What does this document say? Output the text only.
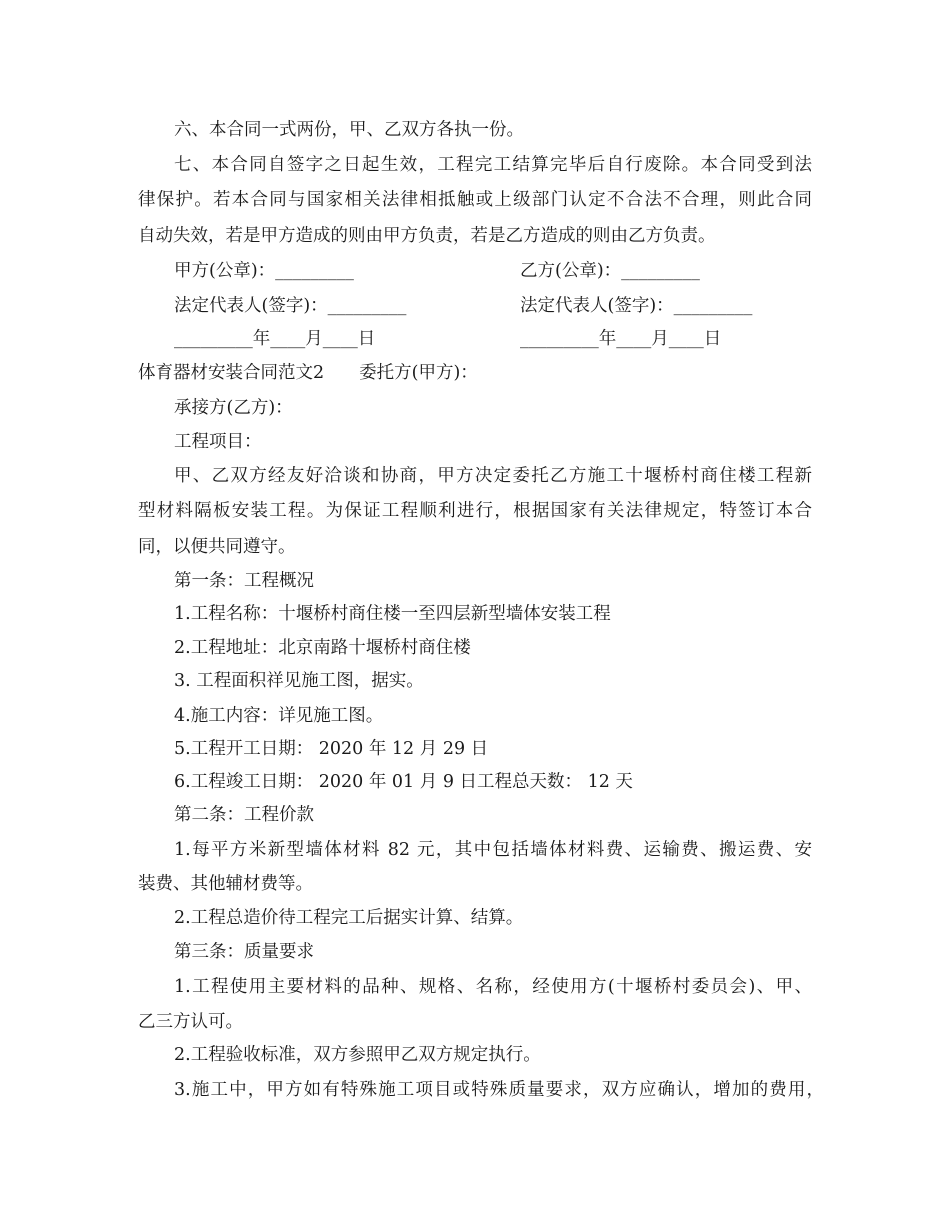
六、本合同一式两份，甲、乙双方各执一份。
七、本合同自签字之日起生效，工程完工结算完毕后自行废除。本合同受到法
律保护。若本合同与国家相关法律相抵触或上级部门认定不合法不合理，则此合同
自动失效，若是甲方造成的则由甲方负责，若是乙方造成的则由乙方负责。
甲方(公章)：_________	乙方(公章)：_________
法定代表人(签字)：_________	法定代表人(签字)：_________
_________年____月____日	_________年____月____日
体育器材安装合同范文2　　委托方(甲方)：
承接方(乙方)：
工程项目：
甲、乙双方经友好洽谈和协商，甲方决定委托乙方施工十堰桥村商住楼工程新
型材料隔板安装工程。为保证工程顺利进行，根据国家有关法律规定，特签订本合
同，以便共同遵守。
第一条：工程概况
1.工程名称：十堰桥村商住楼一至四层新型墙体安装工程
2.工程地址：北京南路十堰桥村商住楼
3. 工程面积祥见施工图，据实。
4.施工内容：详见施工图。
5.工程开工日期： 2020 年 12 月 29 日
6.工程竣工日期： 2020 年 01 月 9 日工程总天数： 12 天
第二条：工程价款
1.每平方米新型墙体材料 82 元，其中包括墙体材料费、运输费、搬运费、安
装费、其他辅材费等。
2.工程总造价待工程完工后据实计算、结算。
第三条：质量要求
1.工程使用主要材料的品种、规格、名称，经使用方(十堰桥村委员会)、甲、
乙三方认可。
2.工程验收标准，双方参照甲乙双方规定执行。
3.施工中，甲方如有特殊施工项目或特殊质量要求，双方应确认，增加的费用，
